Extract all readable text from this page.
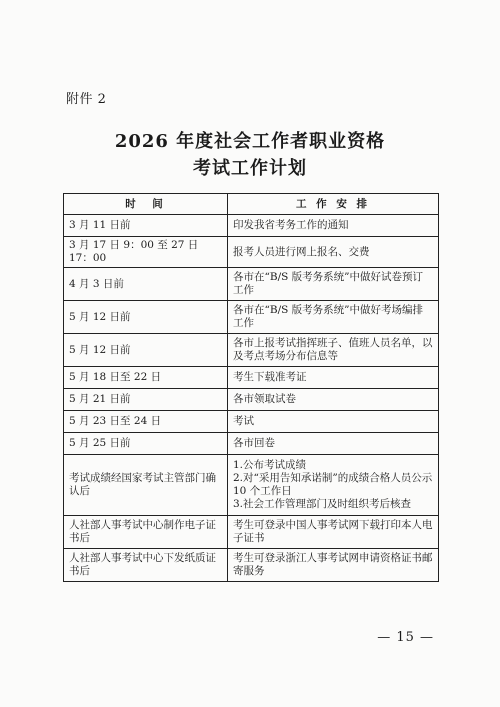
附件 2
2026 年度社会工作者职业资格
考试工作计划
时　间	工 作 安 排
3 月 11 日前	印发我省考务工作的通知

3 月 17 日 9：00 至 27 日 17：00	报考人员进行网上报名、交费

4 月 3 日前	各市在“B/S 版考务系统”中做好试卷预订工作

5 月 12 日前	各市在“B/S 版考务系统”中做好考场编排工作

5 月 12 日前	各市上报考试指挥班子、值班人员名单，以及考点考场分布信息等

5 月 18 日至 22 日	考生下载准考证

5 月 21 日前	各市领取试卷

5 月 23 日至 24 日	考试

5 月 25 日前	各市回卷

考试成绩经国家考试主管部门确认后	1.公布考试成绩
2.对“采用告知承诺制”的成绩合格人员公示 10 个工作日
3.社会工作管理部门及时组织考后核查

人社部人事考试中心制作电子证书后	考生可登录中国人事考试网下载打印本人电子证书

人社部人事考试中心下发纸质证书后	考生可登录浙江人事考试网申请资格证书邮寄服务
— 15 —
